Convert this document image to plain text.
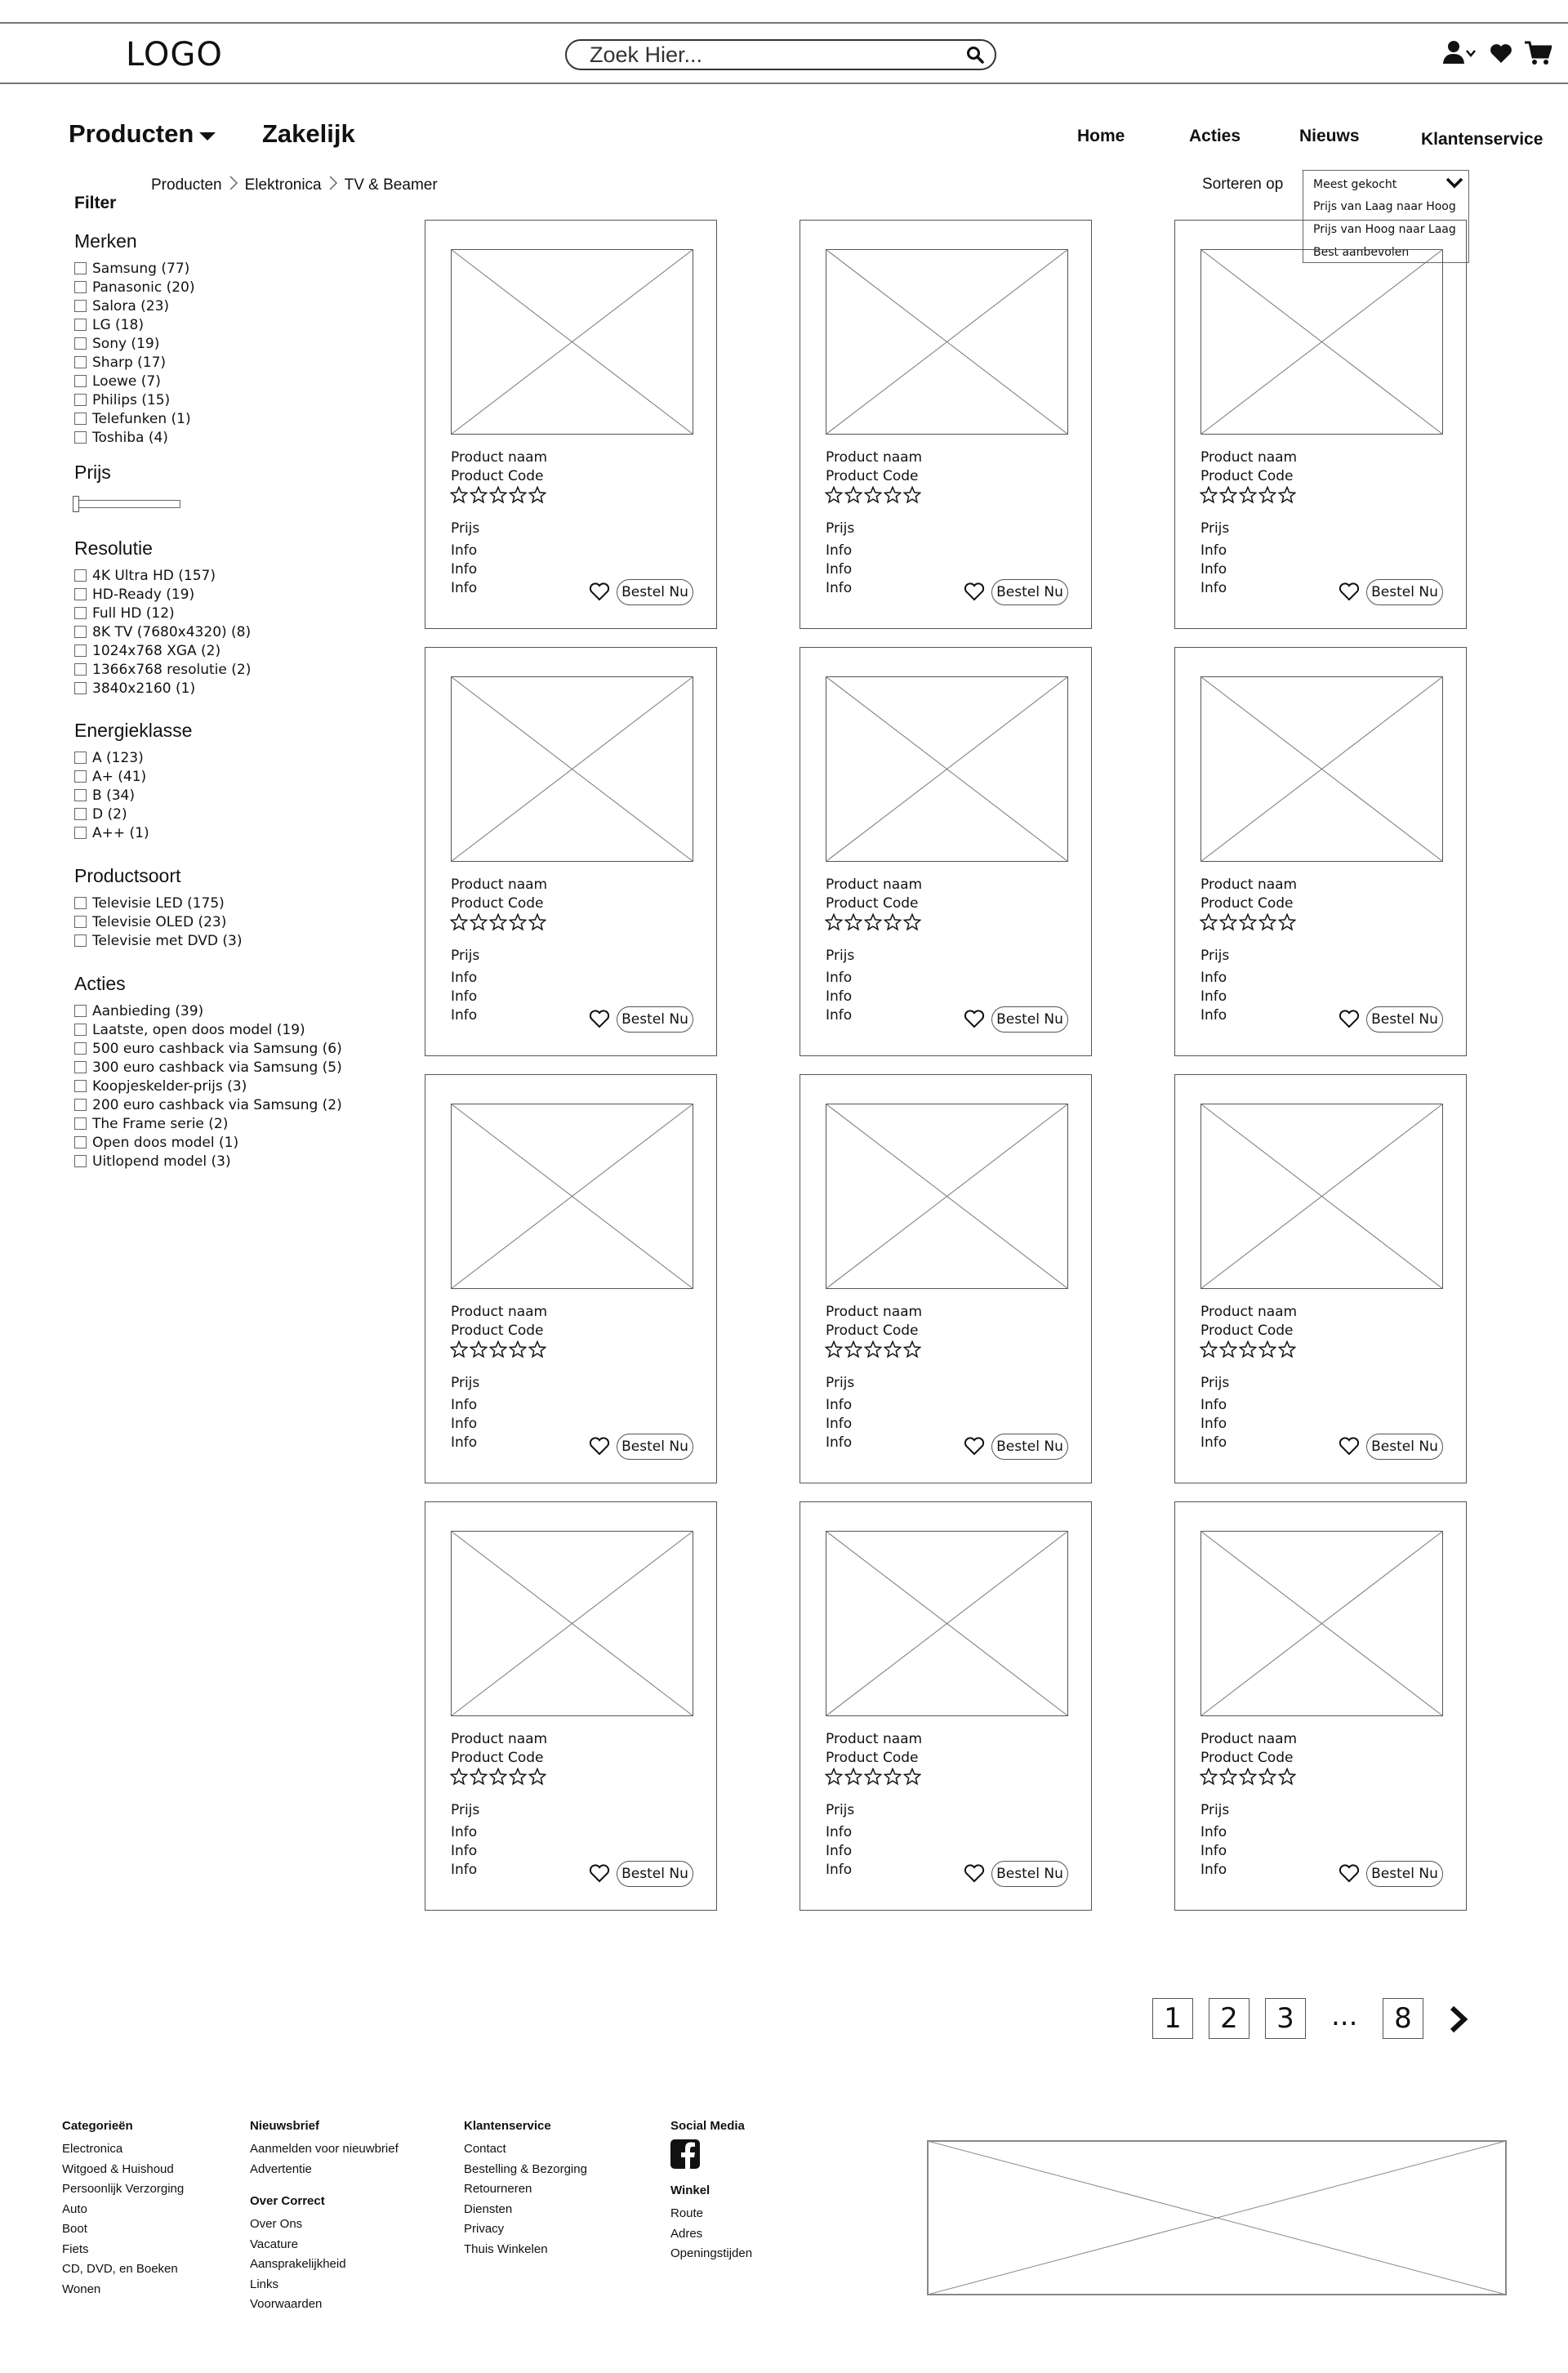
LOGO
Zoek Hier...
Producten	Zakelijk	Home	Acties	Nieuws	Klantenservice
Producten Elektronica TV & Beamer	Sorteren op	Meest gekocht
Prijs van Laag naar Hoog
Prijs van Hoog naar Laag
Best aanbevolen
Filter
Merken
Samsung (77)
Panasonic (20)
Salora (23)
LG (18)
Sony (19)
Sharp (17)
Loewe (7)
Philips (15)
Telefunken (1)
Toshiba (4)
Prijs
Resolutie
4K Ultra HD (157)
HD-Ready (19)
Full HD (12)
8K TV (7680x4320) (8)
1024x768 XGA (2)
1366x768 resolutie (2)
3840x2160 (1)
Energieklasse
A (123)
A+ (41)
B (34)
D (2)
A++ (1)
Productsoort
Televisie LED (175)
Televisie OLED (23)
Televisie met DVD (3)
Acties
Aanbieding (39)
Laatste, open doos model (19)
500 euro cashback via Samsung (6)
300 euro cashback via Samsung (5)
Koopjeskelder-prijs (3)
200 euro cashback via Samsung (2)
The Frame serie (2)
Open doos model (1)
Uitlopend model (3)
Product naam
Product Code
Prijs
Info
Info
Info	Bestel Nu
Product naam
Product Code
Prijs
Info
Info
Info	Bestel Nu
Product naam
Product Code
Prijs
Info
Info
Info	Bestel Nu
Product naam
Product Code
Prijs
Info
Info
Info	Bestel Nu
Product naam
Product Code
Prijs
Info
Info
Info	Bestel Nu
Product naam
Product Code
Prijs
Info
Info
Info	Bestel Nu
Product naam
Product Code
Prijs
Info
Info
Info	Bestel Nu
Product naam
Product Code
Prijs
Info
Info
Info	Bestel Nu
Product naam
Product Code
Prijs
Info
Info
Info	Bestel Nu
Product naam
Product Code
Prijs
Info
Info
Info	Bestel Nu
Product naam
Product Code
Prijs
Info
Info
Info	Bestel Nu
Product naam
Product Code
Prijs
Info
Info
Info	Bestel Nu
1	2	3	...	8
Categorieën
Electronica
Witgoed & Huishoud
Persoonlijk Verzorging
Auto
Boot
Fiets
CD, DVD, en Boeken
Wonen
Nieuwsbrief
Aanmelden voor nieuwbrief
Advertentie
Over Correct
Over Ons
Vacature
Aansprakelijkheid
Links
Voorwaarden
Klantenservice
Contact
Bestelling & Bezorging
Retourneren
Diensten
Privacy
Thuis Winkelen
Social Media
Winkel
Route
Adres
Openingstijden
